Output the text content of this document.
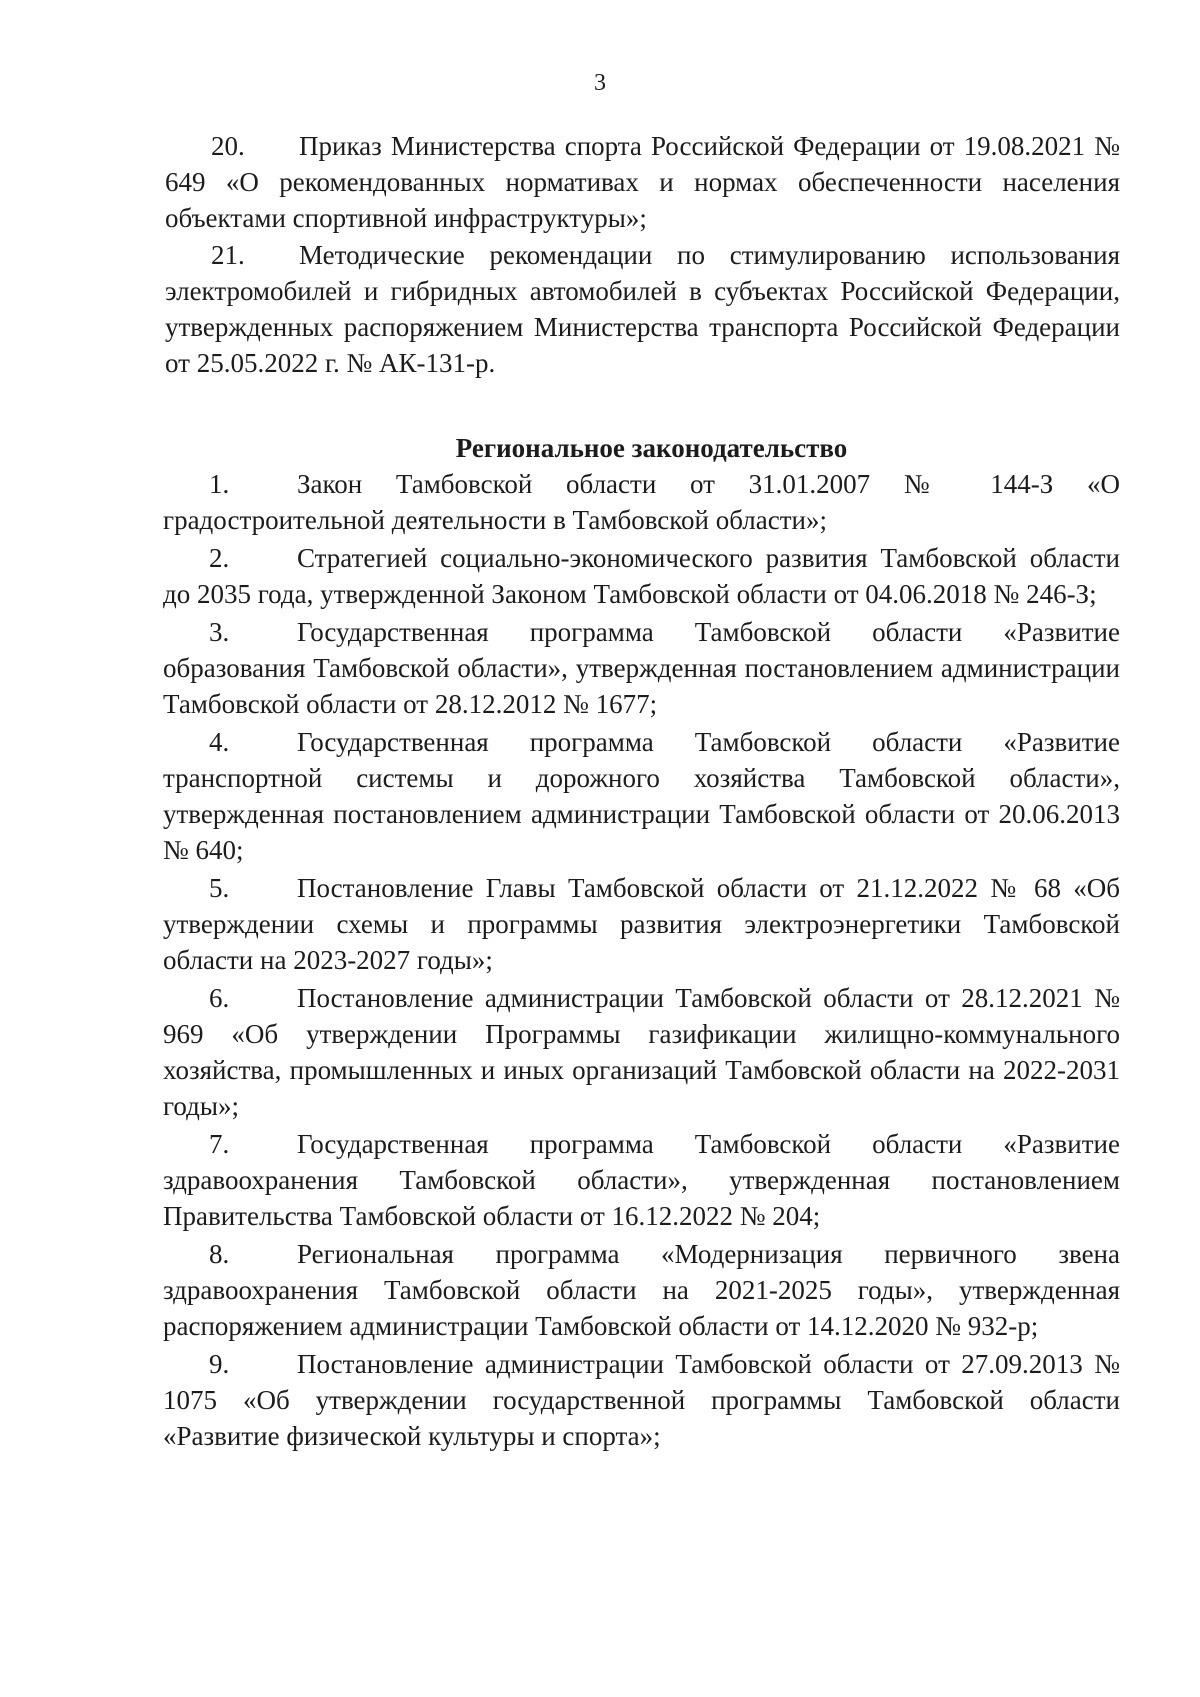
3

20. Приказ Министерства спорта Российской Федерации от 19.08.2021 № 649 «О рекомендованных нормативах и нормах обеспеченности населения объектами спортивной инфраструктуры»;

21. Методические рекомендации по стимулированию использования электромобилей и гибридных автомобилей в субъектах Российской Федерации, утвержденных распоряжением Министерства транспорта Российской Федерации от 25.05.2022 г. № АК-131-р.

Региональное законодательство

1.	Закон Тамбовской области от 31.01.2007 № 144-З «О градостроительной деятельности в Тамбовской области»;

2.	Стратегией социально-экономического развития Тамбовской области до 2035 года, утвержденной Законом Тамбовской области от 04.06.2018 № 246-З;

3.	Государственная программа Тамбовской области «Развитие образования Тамбовской области», утвержденная постановлением администрации Тамбовской области от 28.12.2012 № 1677;

4.	Государственная программа Тамбовской области «Развитие транспортной системы и дорожного хозяйства Тамбовской области», утвержденная постановлением администрации Тамбовской области от 20.06.2013 № 640;

5.	Постановление Главы Тамбовской области от 21.12.2022 № 68 «Об утверждении схемы и программы развития электроэнергетики Тамбовской области на 2023-2027 годы»;

6.	Постановление администрации Тамбовской области от 28.12.2021 № 969 «Об утверждении Программы газификации жилищно-коммунального хозяйства, промышленных и иных организаций Тамбовской области на 2022-2031 годы»;

7.	Государственная программа Тамбовской области «Развитие здравоохранения Тамбовской области», утвержденная постановлением Правительства Тамбовской области от 16.12.2022 № 204;

8.	Региональная программа «Модернизация первичного звена здравоохранения Тамбовской области на 2021-2025 годы», утвержденная распоряжением администрации Тамбовской области от 14.12.2020 № 932-р;

9.	Постановление администрации Тамбовской области от 27.09.2013 № 1075 «Об утверждении государственной программы Тамбовской области «Развитие физической культуры и спорта»;
